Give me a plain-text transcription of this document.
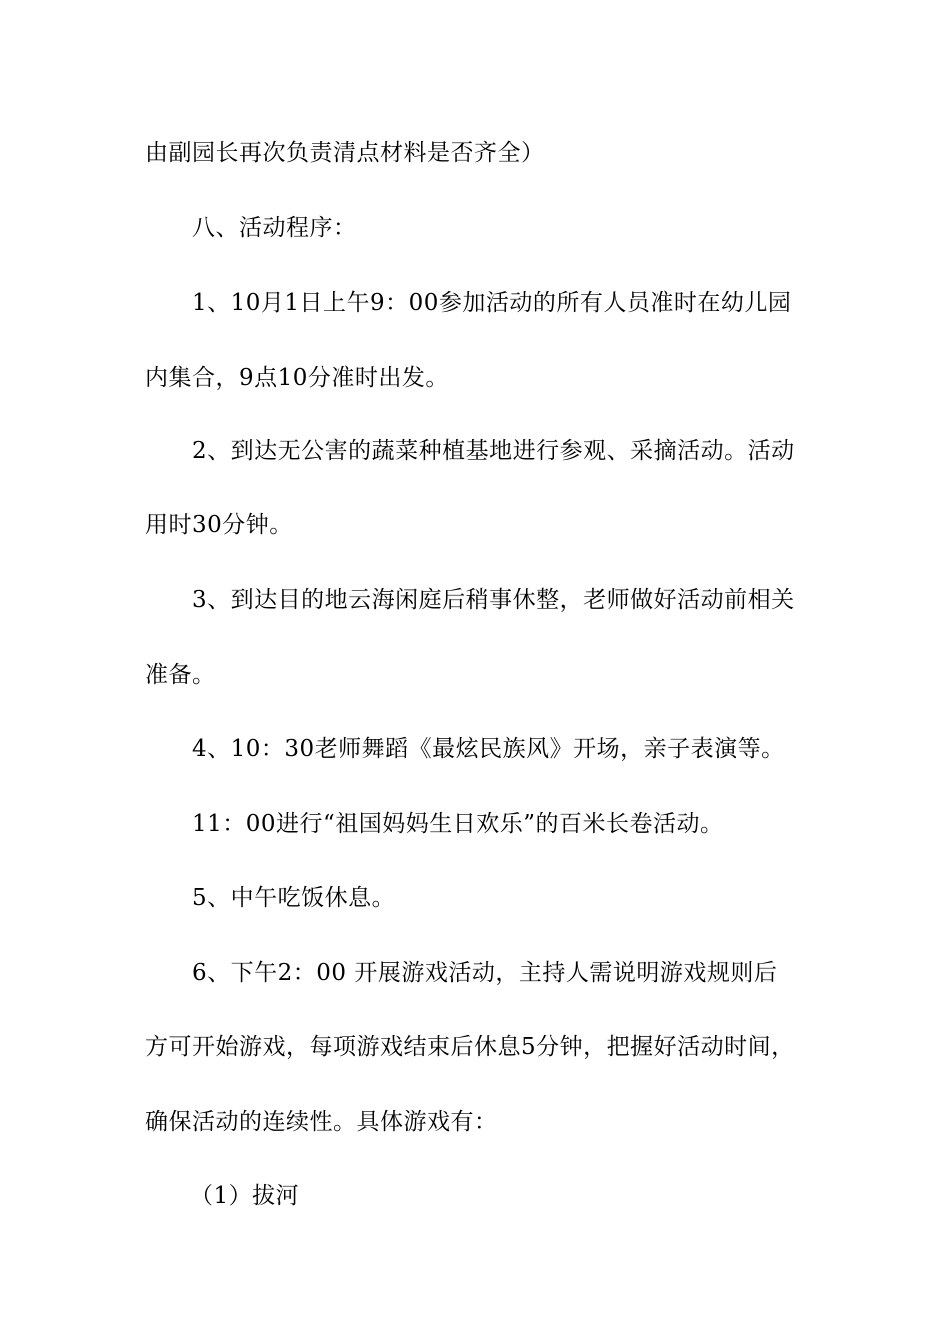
由副园长再次负责清点材料是否齐全）
八、活动程序：
1、10月1日上午9：00参加活动的所有人员准时在幼儿园
内集合，9点10分准时出发。
2、到达无公害的蔬菜种植基地进行参观、采摘活动。活动
用时30分钟。
3、到达目的地云海闲庭后稍事休整，老师做好活动前相关
准备。
4、10：30老师舞蹈《最炫民族风》开场，亲子表演等。
11：00进行“祖国妈妈生日欢乐”的百米长卷活动。
5、中午吃饭休息。
6、下午2：00 开展游戏活动，主持人需说明游戏规则后
方可开始游戏，每项游戏结束后休息5分钟，把握好活动时间，
确保活动的连续性。具体游戏有：
（1）拔河
